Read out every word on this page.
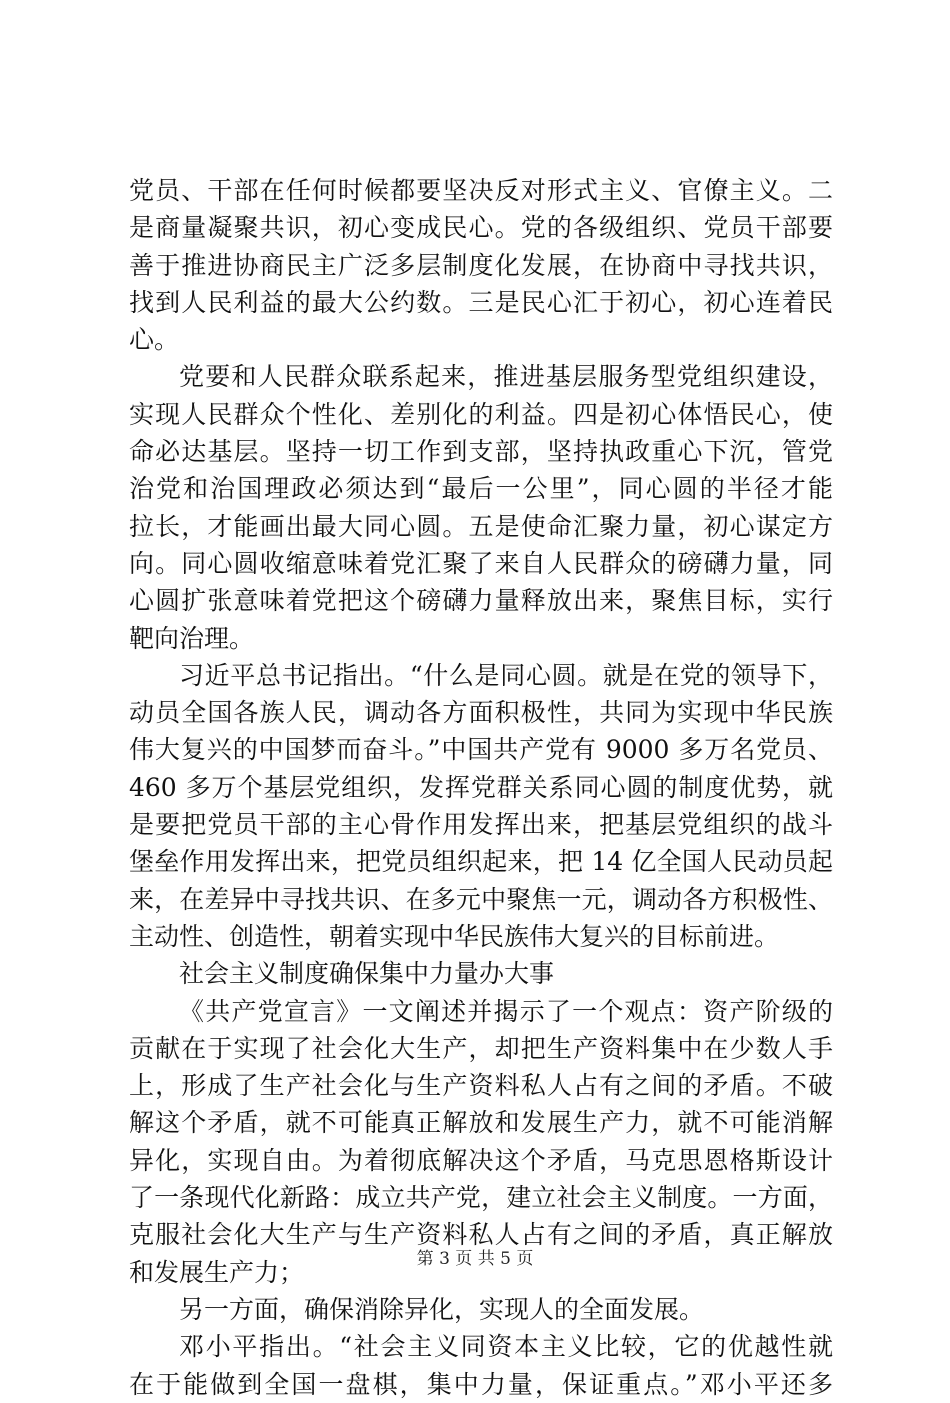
党员、干部在任何时候都要坚决反对形式主义、官僚主义。二
是商量凝聚共识，初心变成民心。党的各级组织、党员干部要
善于推进协商民主广泛多层制度化发展，在协商中寻找共识，
找到人民利益的最大公约数。三是民心汇于初心，初心连着民
心。
党要和人民群众联系起来，推进基层服务型党组织建设，
实现人民群众个性化、差别化的利益。四是初心体悟民心，使
命必达基层。坚持一切工作到支部，坚持执政重心下沉，管党
治党和治国理政必须达到“最后一公里”，同心圆的半径才能
拉长，才能画出最大同心圆。五是使命汇聚力量，初心谋定方
向。同心圆收缩意味着党汇聚了来自人民群众的磅礴力量，同
心圆扩张意味着党把这个磅礴力量释放出来，聚焦目标，实行
靶向治理。
习近平总书记指出。“什么是同心圆。就是在党的领导下，
动员全国各族人民，调动各方面积极性，共同为实现中华民族
伟大复兴的中国梦而奋斗。”中国共产党有 9000 多万名党员、
460 多万个基层党组织，发挥党群关系同心圆的制度优势，就
是要把党员干部的主心骨作用发挥出来，把基层党组织的战斗
堡垒作用发挥出来，把党员组织起来，把 14 亿全国人民动员起
来，在差异中寻找共识、在多元中聚焦一元，调动各方积极性、
主动性、创造性，朝着实现中华民族伟大复兴的目标前进。
社会主义制度确保集中力量办大事
《共产党宣言》一文阐述并揭示了一个观点：资产阶级的
贡献在于实现了社会化大生产，却把生产资料集中在少数人手
上，形成了生产社会化与生产资料私人占有之间的矛盾。不破
解这个矛盾，就不可能真正解放和发展生产力，就不可能消解
异化，实现自由。为着彻底解决这个矛盾，马克思恩格斯设计
了一条现代化新路：成立共产党，建立社会主义制度。一方面，
克服社会化大生产与生产资料私人占有之间的矛盾，真正解放
和发展生产力；
另一方面，确保消除异化，实现人的全面发展。
邓小平指出。“社会主义同资本主义比较，它的优越性就
在于能做到全国一盘棋，集中力量，保证重点。”邓小平还多
第 3 页 共 5 页
